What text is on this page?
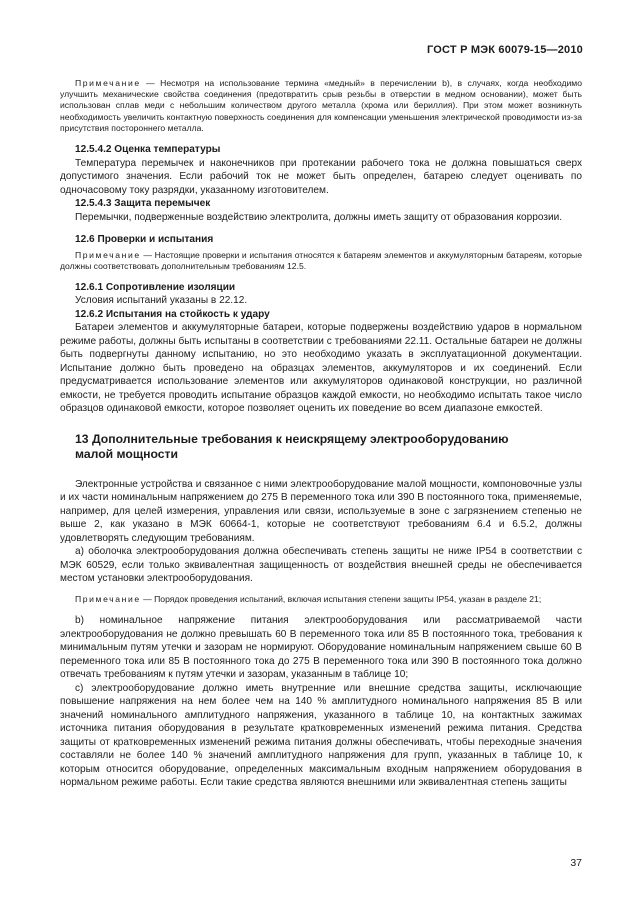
ГОСТ Р МЭК 60079-15—2010

Примечание — Несмотря на использование термина «медный» в перечислении b), в случаях, когда необходимо улучшить механические свойства соединения (предотвратить срыв резьбы в отверстии в медном основании), может быть использован сплав меди с небольшим количеством другого металла (хрома или бериллия). При этом может возникнуть необходимость увеличить контактную поверхность соединения для компенсации уменьшения электрической проводимости из-за присутствия постороннего металла.

12.5.4.2 Оценка температуры

Температура перемычек и наконечников при протекании рабочего тока не должна повышаться сверх допустимого значения. Если рабочий ток не может быть определен, батарею следует оценивать по одночасовому току разрядки, указанному изготовителем.

12.5.4.3 Защита перемычек

Перемычки, подверженные воздействию электролита, должны иметь защиту от образования коррозии.

12.6 Проверки и испытания

Примечание — Настоящие проверки и испытания относятся к батареям элементов и аккумуляторным батареям, которые должны соответствовать дополнительным требованиям 12.5.

12.6.1 Сопротивление изоляции

Условия испытаний указаны в 22.12.

12.6.2 Испытания на стойкость к удару

Батареи элементов и аккумуляторные батареи, которые подвержены воздействию ударов в нормальном режиме работы, должны быть испытаны в соответствии с требованиями 22.11. Остальные батареи не должны быть подвергнуты данному испытанию, но это необходимо указать в эксплуатационной документации. Испытание должно быть проведено на образцах элементов, аккумуляторов и их соединений. Если предусматривается использование элементов или аккумуляторов одинаковой конструкции, но различной емкости, не требуется проводить испытание образцов каждой емкости, но необходимо испытать такое число образцов одинаковой емкости, которое позволяет оценить их поведение во всем диапазоне емкостей.

13 Дополнительные требования к неискрящему электрооборудованию малой мощности

Электронные устройства и связанное с ними электрооборудование малой мощности, компоновочные узлы и их части номинальным напряжением до 275 В переменного тока или 390 В постоянного тока, применяемые, например, для целей измерения, управления или связи, используемые в зоне с загрязнением степенью не выше 2, как указано в МЭК 60664-1, которые не соответствуют требованиям 6.4 и 6.5.2, должны удовлетворять следующим требованиям.

a) оболочка электрооборудования должна обеспечивать степень защиты не ниже IP54 в соответствии с МЭК 60529, если только эквивалентная защищенность от воздействия внешней среды не обеспечивается местом установки электрооборудования.

Примечание — Порядок проведения испытаний, включая испытания степени защиты IP54, указан в разделе 21;

b) номинальное напряжение питания электрооборудования или рассматриваемой части электрооборудования не должно превышать 60 В переменного тока или 85 В постоянного тока, требования к минимальным путям утечки и зазорам не нормируют. Оборудование номинальным напряжением свыше 60 В переменного тока или 85 В постоянного тока до 275 В переменного тока или 390 В постоянного тока должно отвечать требованиям к путям утечки и зазорам, указанным в таблице 10;

c) электрооборудование должно иметь внутренние или внешние средства защиты, исключающие повышение напряжения на нем более чем на 140 % амплитудного номинального напряжения 85 В или значений номинального амплитудного напряжения, указанного в таблице 10, на контактных зажимах источника питания оборудования в результате кратковременных изменений режима питания. Средства защиты от кратковременных изменений режима питания должны обеспечивать, чтобы переходные значения составляли не более 140 % значений амплитудного напряжения для групп, указанных в таблице 10, к которым относится оборудование, определенных максимальным входным напряжением оборудования в нормальном режиме работы. Если такие средства являются внешними или эквивалентная степень защиты

37
